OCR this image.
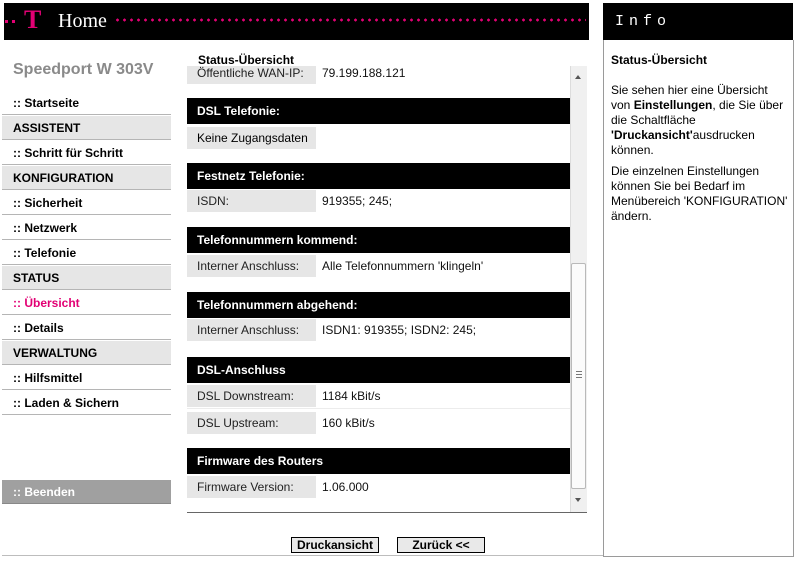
T Home	Info
Speedport W 303V
:: Startseite
ASSISTENT
:: Schritt für Schritt
KONFIGURATION
:: Sicherheit
:: Netzwerk
:: Telefonie
STATUS
:: Übersicht
:: Details
VERWALTUNG
:: Hilfsmittel
:: Laden & Sichern
:: Beenden
Status-Übersicht
Öffentliche WAN-IP:	79.199.188.121
DSL Telefonie:
Keine Zugangsdaten
Festnetz Telefonie:
ISDN:	919355; 245;
Telefonnummern kommend:
Interner Anschluss:	Alle Telefonnummern 'klingeln'
Telefonnummern abgehend:
Interner Anschluss:	ISDN1: 919355; ISDN2: 245;
DSL-Anschluss
DSL Downstream:	1184 kBit/s
DSL Upstream:	160 kBit/s
Firmware des Routers
Firmware Version:	1.06.000
Druckansicht	Zurück <<
Status-Übersicht
Sie sehen hier eine Übersicht von Einstellungen, die Sie über die Schaltfläche 'Druckansicht'ausdrucken können.
Die einzelnen Einstellungen können Sie bei Bedarf im Menübereich 'KONFIGURATION' ändern.
